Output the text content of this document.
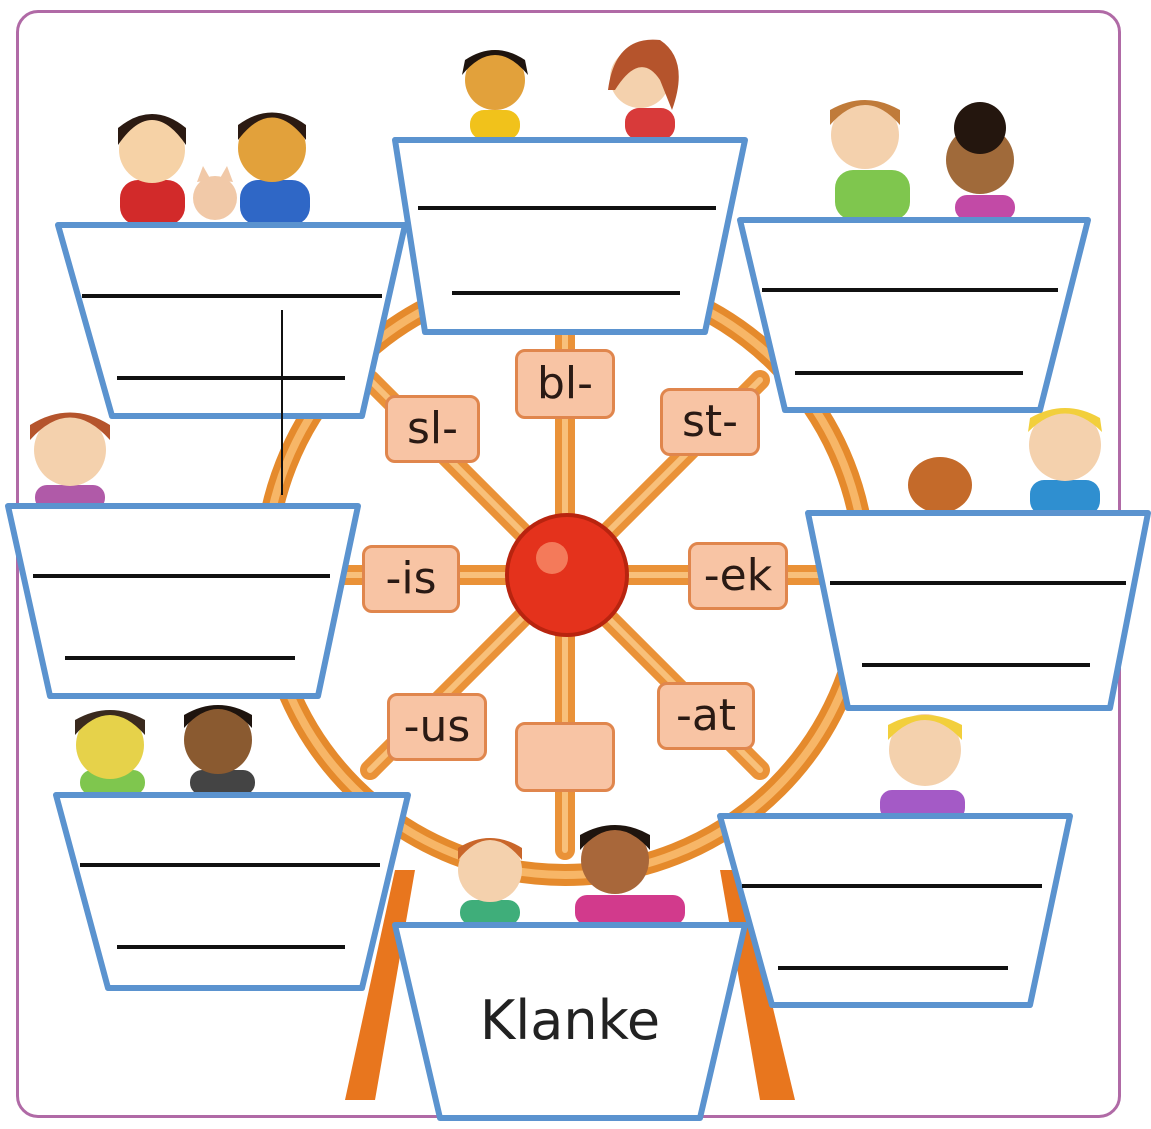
bl-
sl-	st-
-is	-ek
-us	-at
Klanke
